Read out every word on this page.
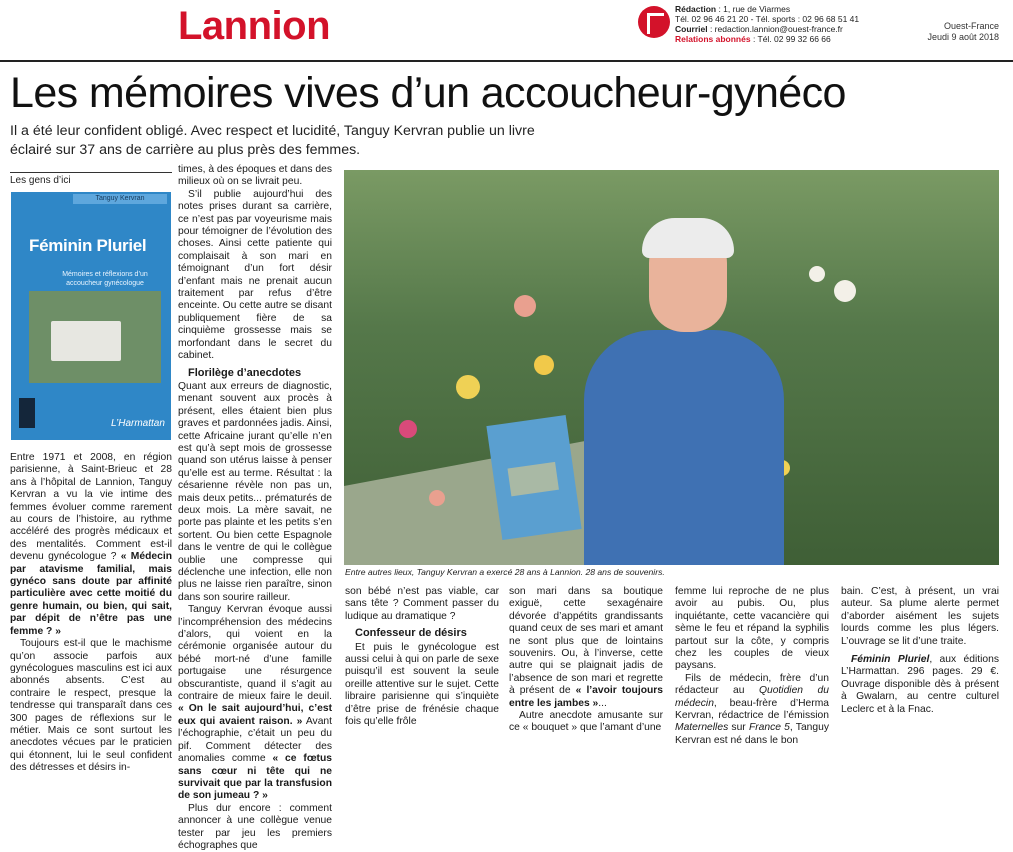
Lannion	Rédaction : 1, rue de Viarmes
Tél. 02 96 46 21 20 - Tél. sports : 02 96 68 51 41
Courriel : redaction.lannion@ouest-france.fr
Relations abonnés : Tél. 02 99 32 66 66
Ouest-France
Jeudi 9 août 2018
Les mémoires vives d’un accoucheur-gynéco
Il a été leur confident obligé. Avec respect et lucidité, Tanguy Kervran publie un livre éclairé sur 37 ans de carrière au plus près des femmes.
Les gens d’ici
Tanguy Kervran
Féminin Pluriel
Mémoires et réflexions d’un accoucheur gynécologue
L’Harmattan

Entre 1971 et 2008, en région parisienne, à Saint-Brieuc et 28 ans à l’hôpital de Lannion, Tanguy Kervran a vu la vie intime des femmes évoluer comme rarement au cours de l’histoire, au rythme accéléré des progrès médicaux et des mentalités. Comment est-il devenu gynécologue ? « Médecin par atavisme familial, mais gynéco sans doute par affinité particulière avec cette moitié du genre humain, ou bien, qui sait, par dépit de n’être pas une femme ? »

Toujours est-il que le machisme qu’on associe parfois aux gynécologues masculins est ici aux abonnés absents. C’est au contraire le respect, presque la tendresse qui transparaît dans ces 300 pages de réflexions sur le métier. Mais ce sont surtout les anecdotes vécues par le praticien qui étonnent, lui le seul confident des détresses et désirs in-

times, à des époques et dans des milieux où on se livrait peu.

S’il publie aujourd’hui des notes prises durant sa carrière, ce n’est pas par voyeurisme mais pour témoigner de l’évolution des choses. Ainsi cette patiente qui complaisait à son mari en témoignant d’un fort désir d’enfant mais ne prenait aucun traitement par refus d’être enceinte. Ou cette autre se disant publiquement fière de sa cinquième grossesse mais se morfondant dans le secret du cabinet.

Florilège d’anecdotes

Quant aux erreurs de diagnostic, menant souvent aux procès à présent, elles étaient bien plus graves et pardonnées jadis. Ainsi, cette Africaine jurant qu’elle n’en est qu’à sept mois de grossesse quand son utérus laisse à penser qu’elle est au terme. Résultat : la césarienne révèle non pas un, mais deux petits... prématurés de deux mois. La mère savait, ne porte pas plainte et les petits s’en sortent. Ou bien cette Espagnole dans le ventre de qui le collègue oublie une compresse qui déclenche une infection, elle non plus ne laisse rien paraître, sinon dans son sourire railleur.

Tanguy Kervran évoque aussi l’incompréhension des médecins d’alors, qui voient en la cérémonie organisée autour du bébé mort-né d’une famille portugaise une résurgence obscurantiste, quand il s’agit au contraire de mieux faire le deuil. « On le sait aujourd’hui, c’est eux qui avaient raison. » Avant l’échographie, c’était un peu du pif. Comment détecter des anomalies comme « ce fœtus sans cœur ni tête qui ne survivait que par la transfusion de son jumeau ? »

Plus dur encore : comment annoncer à une collègue venue tester par jeu les premiers échographes que

Entre autres lieux, Tanguy Kervran a exercé 28 ans à Lannion. 28 ans de souvenirs.

son bébé n’est pas viable, car sans tête ? Comment passer du ludique au dramatique ?

Confesseur de désirs

Et puis le gynécologue est aussi celui à qui on parle de sexe puisqu’il est souvent la seule oreille attentive sur le sujet. Cette libraire parisienne qui s’inquiète d’être prise de frénésie chaque fois qu’elle frôle

son mari dans sa boutique exiguë, cette sexagénaire dévorée d’appétits grandissants quand ceux de ses mari et amant ne sont plus que de lointains souvenirs. Ou, à l’inverse, cette autre qui se plaignait jadis de l’absence de son mari et regrette à présent de « l’avoir toujours entre les jambes »...

Autre anecdote amusante sur ce « bouquet » que l’amant d’une

femme lui reproche de ne plus avoir au pubis. Ou, plus inquiétante, cette vacancière qui sème le feu et répand la syphilis partout sur la côte, y compris chez les couples de vieux paysans.

Fils de médecin, frère d’un rédacteur au Quotidien du médecin, beau-frère d’Herma Kervran, rédactrice de l’émission Maternelles sur France 5, Tanguy Kervran est né dans le bon

bain. C’est, à présent, un vrai auteur. Sa plume alerte permet d’aborder aisément les sujets lourds comme les plus légers. L’ouvrage se lit d’une traite.

Féminin Pluriel, aux éditions L’Harmattan. 296 pages. 29 €. Ouvrage disponible dès à présent à Gwalarn, au centre culturel Leclerc et à la Fnac.
